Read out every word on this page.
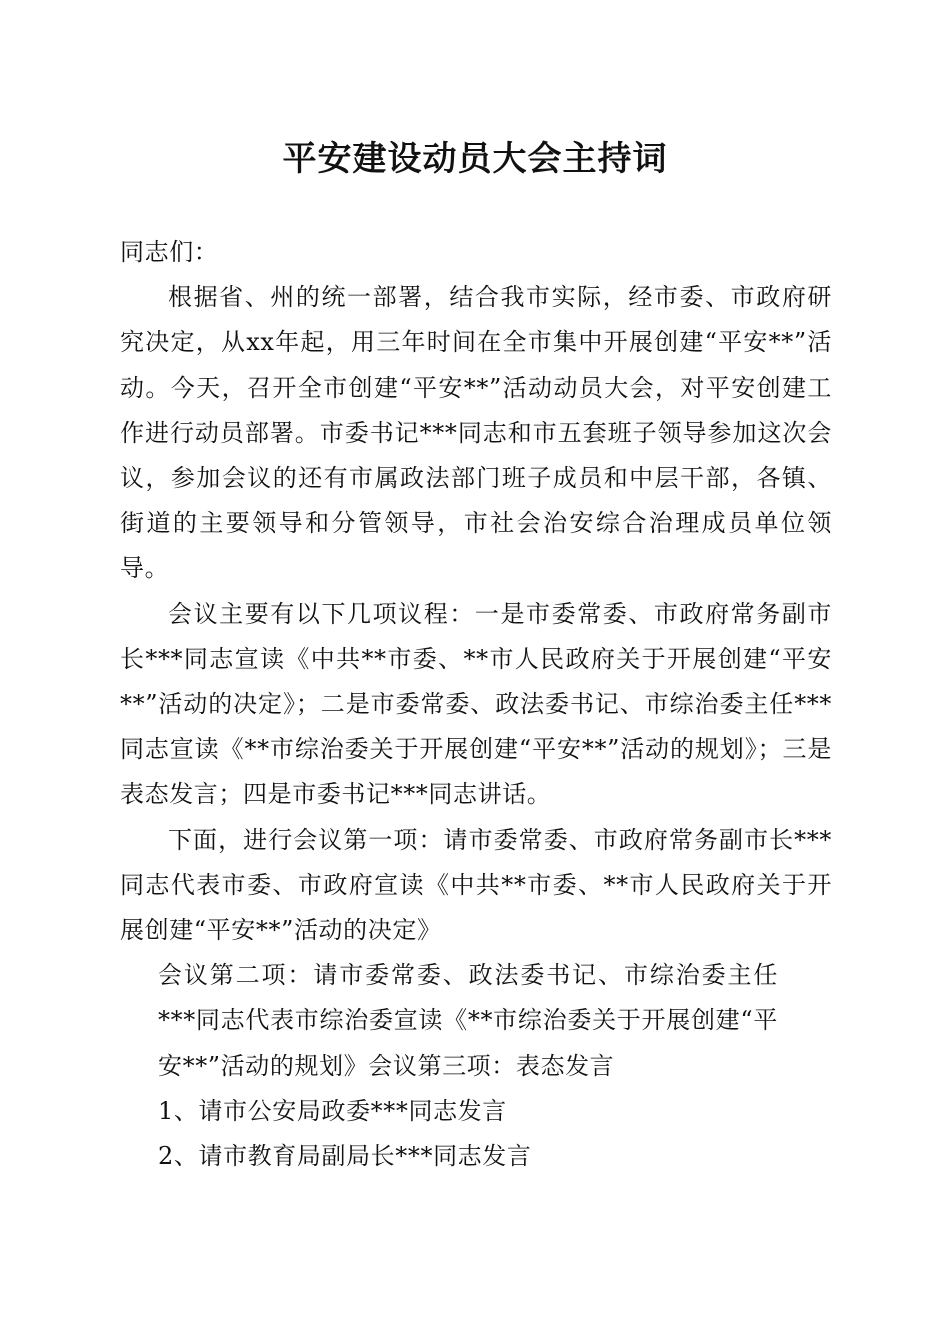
平安建设动员大会主持词

同志们：

根据省、州的统一部署，结合我市实际，经市委、市政府研究决定，从xx年起，用三年时间在全市集中开展创建“平安**”活动。今天，召开全市创建“平安**”活动动员大会，对平安创建工作进行动员部署。市委书记***同志和市五套班子领导参加这次会议，参加会议的还有市属政法部门班子成员和中层干部，各镇、街道的主要领导和分管领导，市社会治安综合治理成员单位领导。

会议主要有以下几项议程：一是市委常委、市政府常务副市长***同志宣读《中共**市委、**市人民政府关于开展创建“平安**”活动的决定》；二是市委常委、政法委书记、市综治委主任***同志宣读《**市综治委关于开展创建“平安**”活动的规划》；三是表态发言；四是市委书记***同志讲话。

下面，进行会议第一项：请市委常委、市政府常务副市长***同志代表市委、市政府宣读《中共**市委、**市人民政府关于开展创建“平安**”活动的决定》

会议第二项：请市委常委、政法委书记、市综治委主任***同志代表市综治委宣读《**市综治委关于开展创建“平安**”活动的规划》会议第三项：表态发言

1、请市公安局政委***同志发言

2、请市教育局副局长***同志发言
